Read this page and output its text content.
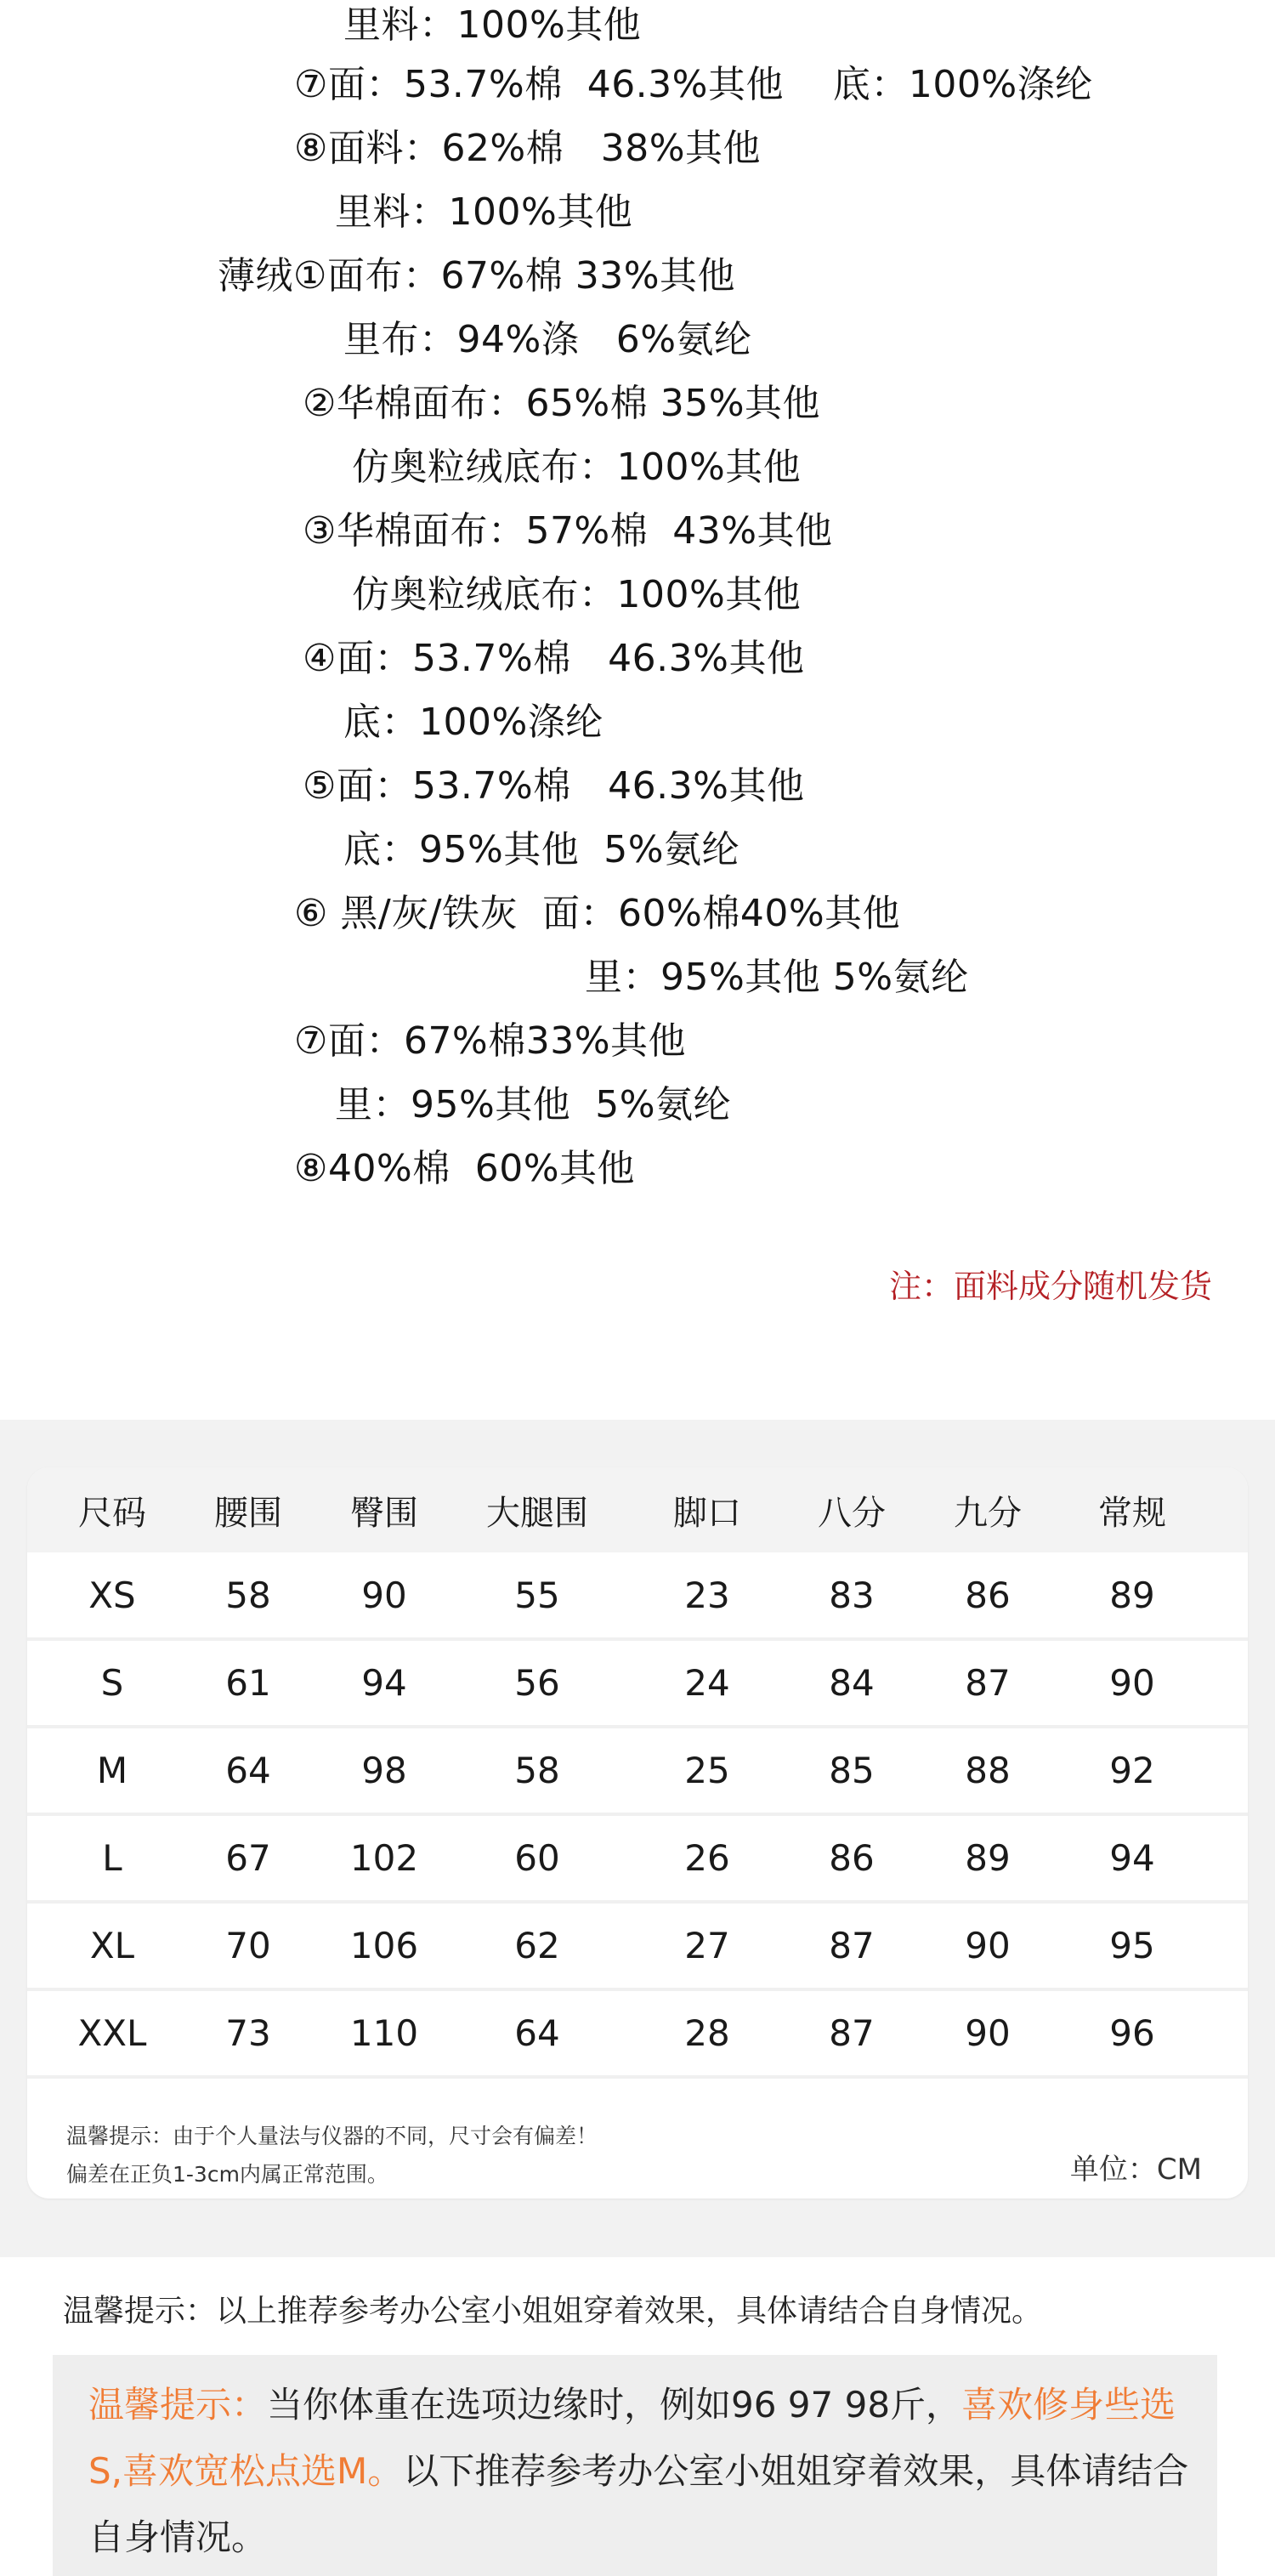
里料：100%其他
⑦面：53.7%棉  46.3%其他    底：100%涤纶
⑧面料：62%棉   38%其他
里料：100%其他
薄绒①面布：67%棉 33%其他
里布：94%涤   6%氨纶
②华棉面布：65%棉 35%其他
仿奥粒绒底布：100%其他
③华棉面布：57%棉  43%其他
仿奥粒绒底布：100%其他
④面：53.7%棉   46.3%其他
底：100%涤纶
⑤面：53.7%棉   46.3%其他
底：95%其他  5%氨纶
⑥ 黑/灰/铁灰  面：60%棉40%其他
里：95%其他 5%氨纶
⑦面：67%棉33%其他
里：95%其他  5%氨纶
⑧40%棉  60%其他
注：面料成分随机发货
尺码	腰围	臀围	大腿围	脚口	八分	九分	常规
XS	58	90	55	23	83	86	89
S	61	94	56	24	84	87	90
M	64	98	58	25	85	88	92
L	67	102	60	26	86	89	94
XL	70	106	62	27	87	90	95
XXL	73	110	64	28	87	90	96
温馨提示：由于个人量法与仪器的不同，尺寸会有偏差！
偏差在正负1-3cm内属正常范围。	单位：CM
温馨提示：以上推荐参考办公室小姐姐穿着效果，具体请结合自身情况。
温馨提示：当你体重在选项边缘时，例如96 97 98斤，喜欢修身些选S,喜欢宽松点选M。以下推荐参考办公室小姐姐穿着效果，具体请结合自身情况。
